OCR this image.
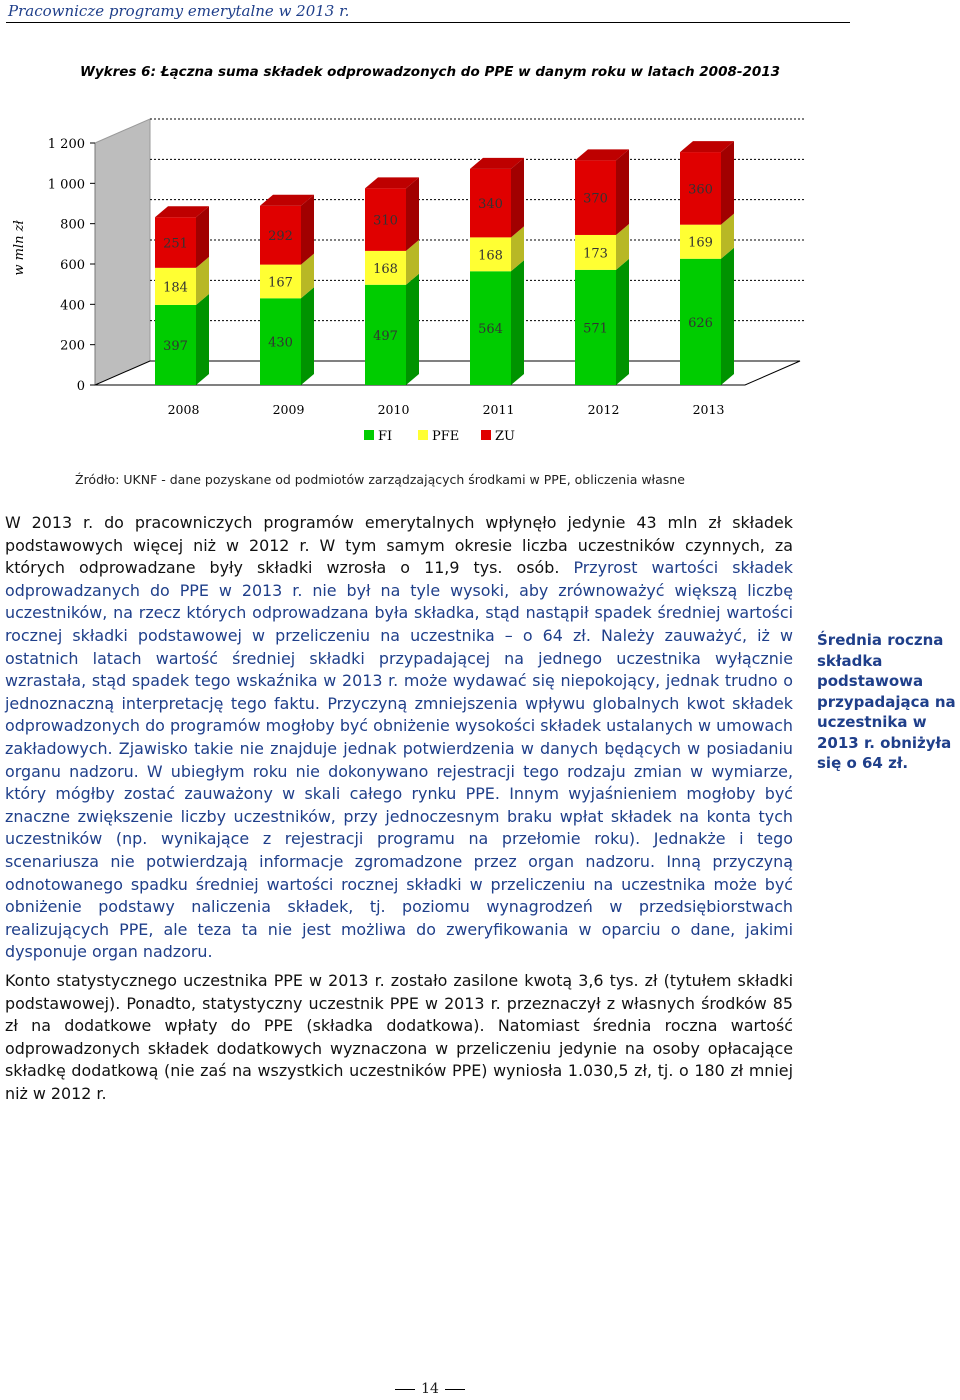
Pracownicze programy emerytalne w 2013 r.
Wykres 6: Łączna suma składek odprowadzonych do PPE w danym roku w latach 2008-2013
0
200
400
600
800
1 000
1 200
w mln zł
397
184
251
2008
430
167
292
2009
497
168
310
2010
564
168
340
2011
571
173
370
2012
626
169
360
2013
FI	PFE	ZU
Źródło: UKNF - dane pozyskane od podmiotów zarządzających środkami w PPE, obliczenia własne

W 2013 r. do pracowniczych programów emerytalnych wpłynęło jedynie 43 mln zł składek podstawowych więcej niż w 2012 r. W tym samym okresie liczba uczestników czynnych, za których odprowadzane były składki wzrosła o 11,9 tys. osób. Przyrost wartości składek odprowadzanych do PPE w 2013 r. nie był na tyle wysoki, aby zrównoważyć większą liczbę uczestników, na rzecz których odprowadzana była składka, stąd nastąpił spadek średniej wartości rocznej składki podstawowej w przeliczeniu na uczestnika – o 64 zł. Należy zauważyć, iż w ostatnich latach wartość średniej składki przypadającej na jednego uczestnika wyłącznie wzrastała, stąd spadek tego wskaźnika w 2013 r. może wydawać się niepokojący, jednak trudno o jednoznaczną interpretację tego faktu. Przyczyną zmniejszenia wpływu globalnych kwot składek odprowadzonych do programów mogłoby być obniżenie wysokości składek ustalanych w umowach zakładowych. Zjawisko takie nie znajduje jednak potwierdzenia w danych będących w posiadaniu organu nadzoru. W ubiegłym roku nie dokonywano rejestracji tego rodzaju zmian w wymiarze, który mógłby zostać zauważony w skali całego rynku PPE. Innym wyjaśnieniem mogłoby być znaczne zwiększenie liczby uczestników, przy jednoczesnym braku wpłat składek na konta tych uczestników (np. wynikające z rejestracji programu na przełomie roku). Jednakże i tego scenariusza nie potwierdzają informacje zgromadzone przez organ nadzoru. Inną przyczyną odnotowanego spadku średniej wartości rocznej składki w przeliczeniu na uczestnika może być obniżenie podstawy naliczenia składek, tj. poziomu wynagrodzeń w przedsiębiorstwach realizujących PPE, ale teza ta nie jest możliwa do zweryfikowania w oparciu o dane, jakimi dysponuje organ nadzoru.

Konto statystycznego uczestnika PPE w 2013 r. zostało zasilone kwotą 3,6 tys. zł (tytułem składki podstawowej). Ponadto, statystyczny uczestnik PPE w 2013 r. przeznaczył z własnych środków 85 zł na dodatkowe wpłaty do PPE (składka dodatkowa). Natomiast średnia roczna wartość odprowadzonych składek dodatkowych wyznaczona w przeliczeniu jedynie na osoby opłacające składkę dodatkową (nie zaś na wszystkich uczestników PPE) wyniosła 1.030,5 zł, tj. o 180 zł mniej niż w 2012 r.

Średnia roczna składka podstawowa przypadająca na uczestnika w 2013 r. obniżyła się o 64 zł.
14
